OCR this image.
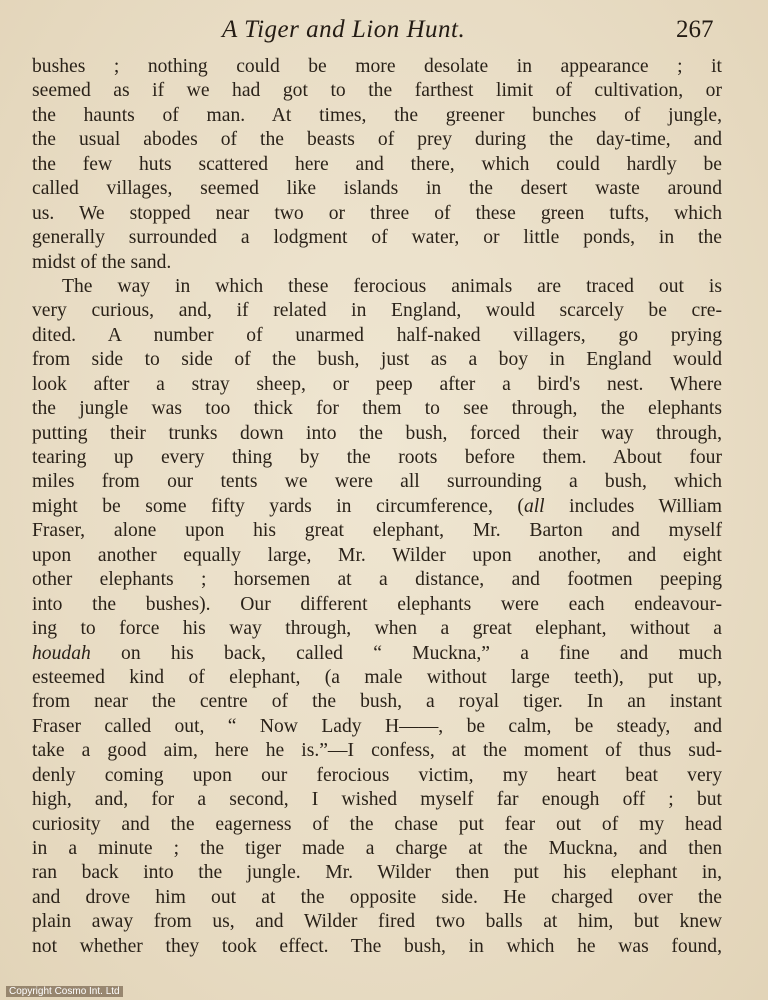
A Tiger and Lion Hunt.	267
bushes ; nothing could be more desolate in appearance ; it
seemed as if we had got to the farthest limit of cultivation, or
the haunts of man. At times, the greener bunches of jungle,
the usual abodes of the beasts of prey during the day-time, and
the few huts scattered here and there, which could hardly be
called villages, seemed like islands in the desert waste around
us. We stopped near two or three of these green tufts, which
generally surrounded a lodgment of water, or little ponds, in the
midst of the sand.
The way in which these ferocious animals are traced out is
very curious, and, if related in England, would scarcely be cre-
dited. A number of unarmed half-naked villagers, go prying
from side to side of the bush, just as a boy in England would
look after a stray sheep, or peep after a bird's nest. Where
the jungle was too thick for them to see through, the elephants
putting their trunks down into the bush, forced their way through,
tearing up every thing by the roots before them. About four
miles from our tents we were all surrounding a bush, which
might be some fifty yards in circumference, (all includes William
Fraser, alone upon his great elephant, Mr. Barton and myself
upon another equally large, Mr. Wilder upon another, and eight
other elephants ; horsemen at a distance, and footmen peeping
into the bushes). Our different elephants were each endeavour-
ing to force his way through, when a great elephant, without a
houdah on his back, called “ Muckna,” a fine and much
esteemed kind of elephant, (a male without large teeth), put up,
from near the centre of the bush, a royal tiger. In an instant
Fraser called out, “ Now Lady H——, be calm, be steady, and
take a good aim, here he is.”—I confess, at the moment of thus sud-
denly coming upon our ferocious victim, my heart beat very
high, and, for a second, I wished myself far enough off ; but
curiosity and the eagerness of the chase put fear out of my head
in a minute ; the tiger made a charge at the Muckna, and then
ran back into the jungle. Mr. Wilder then put his elephant in,
and drove him out at the opposite side. He charged over the
plain away from us, and Wilder fired two balls at him, but knew
not whether they took effect. The bush, in which he was found,
Copyright Cosmo Int. Ltd
